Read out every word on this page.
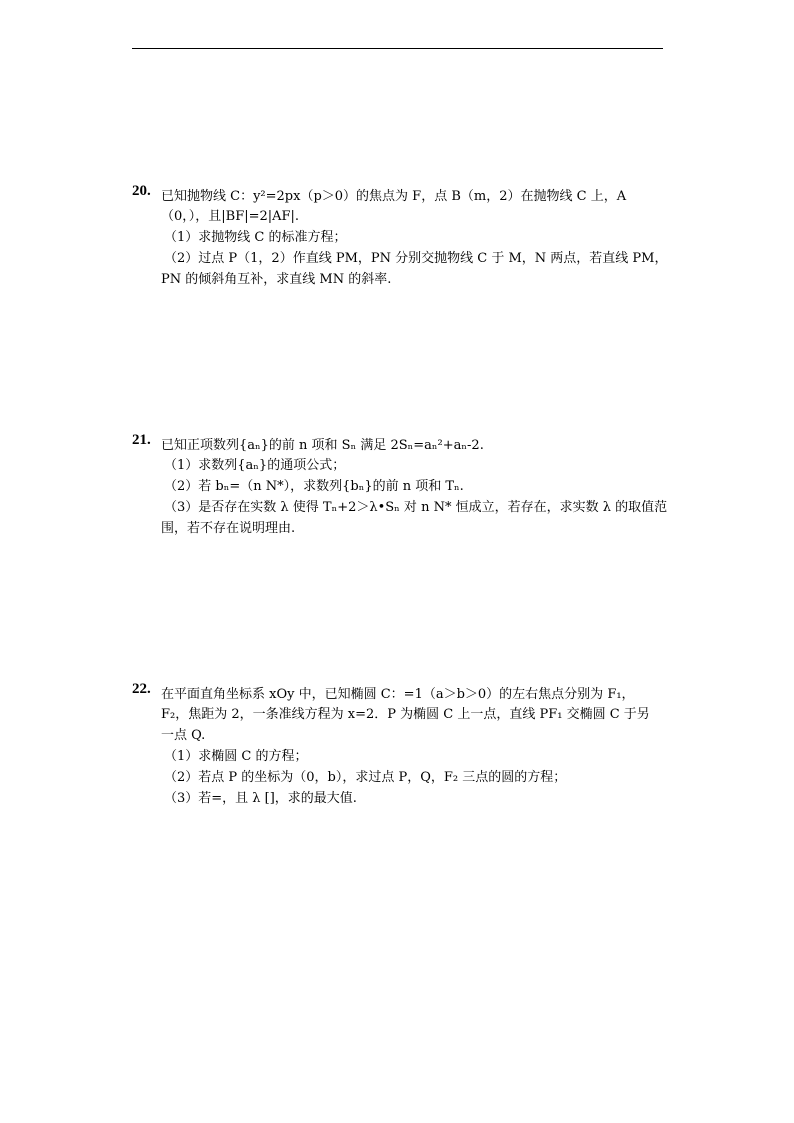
20. 已知抛物线 C：y²=2px（p＞0）的焦点为 F，点 B（m，2）在抛物线 C 上，A
（0，），且|BF|=2|AF|.
（1）求抛物线 C 的标准方程；
（2）过点 P（1，2）作直线 PM，PN 分别交抛物线 C 于 M，N 两点，若直线 PM，
PN 的倾斜角互补，求直线 MN 的斜率.
21. 已知正项数列{aₙ}的前 n 项和 Sₙ 满足 2Sₙ=aₙ²+aₙ-2.
（1）求数列{aₙ}的通项公式；
（2）若 bₙ=（n N*），求数列{bₙ}的前 n 项和 Tₙ.
（3）是否存在实数 λ 使得 Tₙ+2＞λ•Sₙ 对 n N* 恒成立，若存在，求实数 λ 的取值范
围，若不存在说明理由.
22. 在平面直角坐标系 xOy 中，已知椭圆 C：=1（a＞b＞0）的左右焦点分别为 F₁，
F₂，焦距为 2，一条准线方程为 x=2．P 为椭圆 C 上一点，直线 PF₁ 交椭圆 C 于另
一点 Q.
（1）求椭圆 C 的方程；
（2）若点 P 的坐标为（0，b），求过点 P，Q，F₂ 三点的圆的方程；
（3）若=，且 λ []，求的最大值.
